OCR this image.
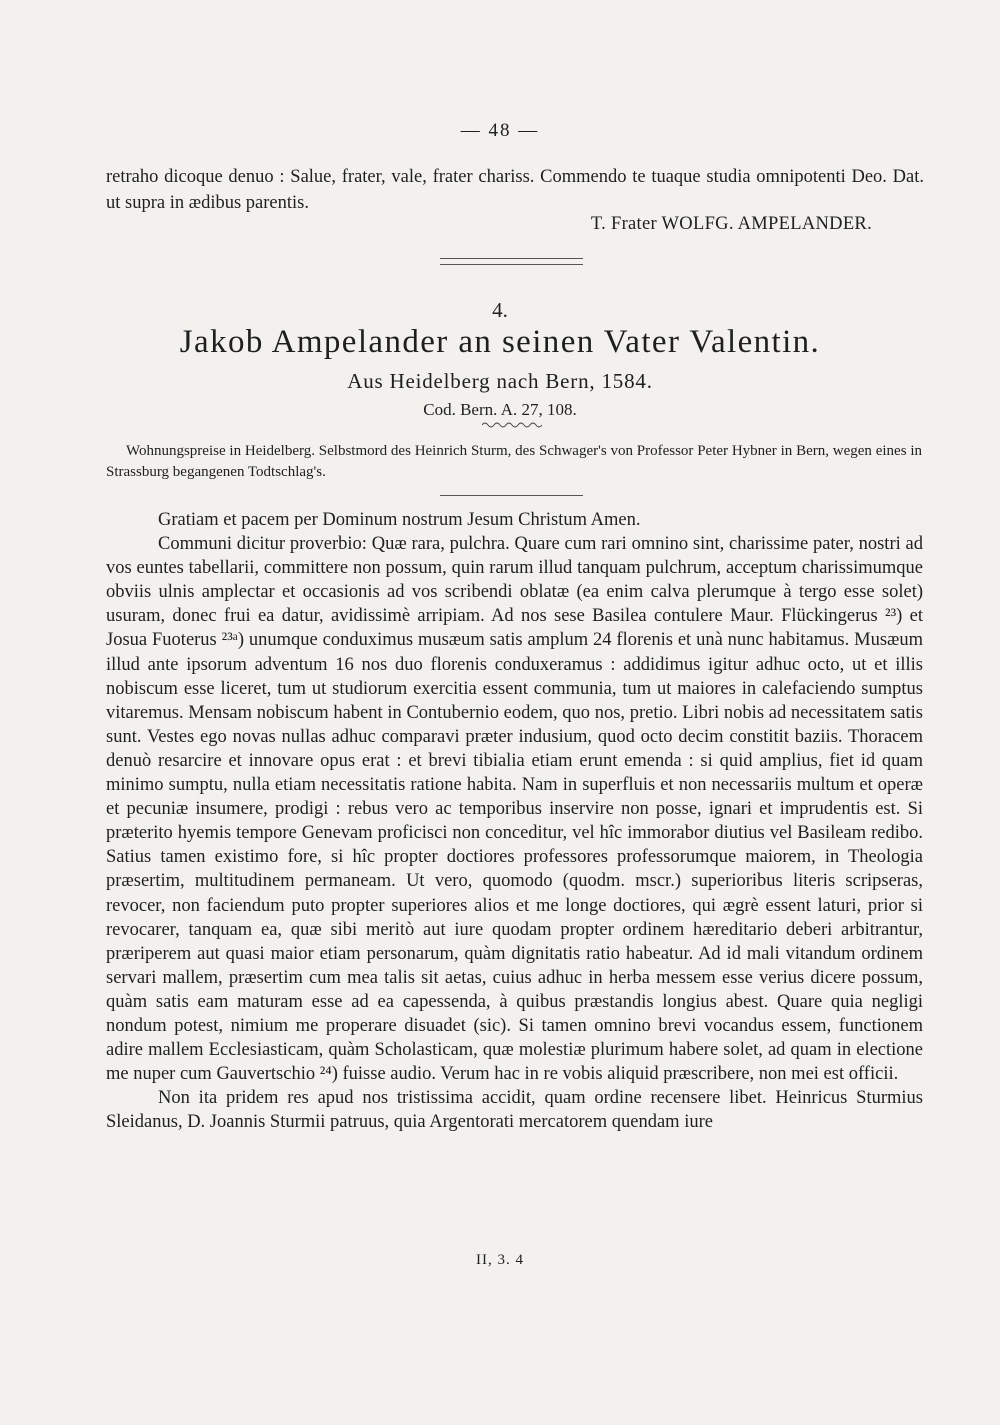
— 48 —

retraho dicoque denuo : Salue, frater, vale, frater chariss. Commendo te tuaque studia omnipotenti Deo. Dat. ut supra in ædibus parentis.

T. Frater WOLFG. AMPELANDER.
4.
Jakob Ampelander an seinen Vater Valentin.
Aus Heidelberg nach Bern, 1584.
Cod. Bern. A. 27, 108.

Wohnungspreise in Heidelberg. Selbstmord des Heinrich Sturm, des Schwager's von Professor Peter Hybner in Bern, wegen eines in Strassburg begangenen Todtschlag's.

Gratiam et pacem per Dominum nostrum Jesum Christum Amen.

Communi dicitur proverbio: Quæ rara, pulchra. Quare cum rari omnino sint, charissime pater, nostri ad vos euntes tabellarii, committere non possum, quin rarum illud tanquam pulchrum, acceptum charissimumque obviis ulnis amplectar et occasionis ad vos scribendi oblatæ (ea enim calva plerumque à tergo esse solet) usuram, donec frui ea datur, avidissimè arripiam. Ad nos sese Basilea contulere Maur. Flückingerus ²³) et Josua Fuoterus ²³ᵃ) unumque conduximus musæum satis amplum 24 florenis et unà nunc habitamus. Musæum illud ante ipsorum adventum 16 nos duo florenis conduxeramus : addidimus igitur adhuc octo, ut et illis nobiscum esse liceret, tum ut studiorum exercitia essent communia, tum ut maiores in calefaciendo sumptus vitaremus. Mensam nobiscum habent in Contubernio eodem, quo nos, pretio. Libri nobis ad necessitatem satis sunt. Vestes ego novas nullas adhuc comparavi præter indusium, quod octo decim constitit baziis. Thoracem denuò resarcire et innovare opus erat : et brevi tibialia etiam erunt emenda : si quid amplius, fiet id quam minimo sumptu, nulla etiam necessitatis ratione habita. Nam in superfluis et non necessariis multum et operæ et pecuniæ insumere, prodigi : rebus vero ac temporibus inservire non posse, ignari et imprudentis est. Si præterito hyemis tempore Genevam proficisci non conceditur, vel hîc immorabor diutius vel Basileam redibo. Satius tamen existimo fore, si hîc propter doctiores professores professorumque maiorem, in Theologia præsertim, multitudinem permaneam. Ut vero, quomodo (quodm. mscr.) superioribus literis scripseras, revocer, non faciendum puto propter superiores alios et me longe doctiores, qui ægrè essent laturi, prior si revocarer, tanquam ea, quæ sibi meritò aut iure quodam propter ordinem hæreditario deberi arbitrantur, præriperem aut quasi maior etiam personarum, quàm dignitatis ratio habeatur. Ad id mali vitandum ordinem servari mallem, præsertim cum mea talis sit aetas, cuius adhuc in herba messem esse verius dicere possum, quàm satis eam maturam esse ad ea capessenda, à quibus præstandis longius abest. Quare quia negligi nondum potest, nimium me properare disuadet (sic). Si tamen omnino brevi vocandus essem, functionem adire mallem Ecclesiasticam, quàm Scholasticam, quæ molestiæ plurimum habere solet, ad quam in electione me nuper cum Gauvertschio ²⁴) fuisse audio. Verum hac in re vobis aliquid præscribere, non mei est officii.

Non ita pridem res apud nos tristissima accidit, quam ordine recensere libet. Heinricus Sturmius Sleidanus, D. Joannis Sturmii patruus, quia Argentorati mercatorem quendam iure

II, 3. 4
